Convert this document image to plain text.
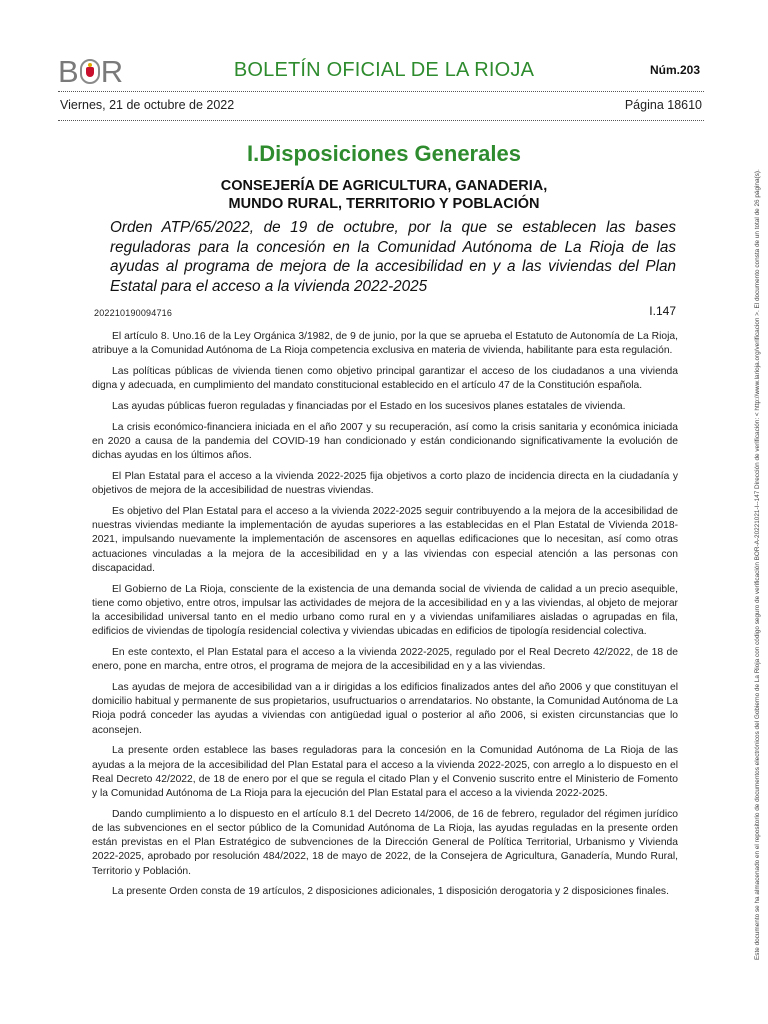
B R	BOLETÍN OFICIAL DE LA RIOJA	Núm.203
Viernes, 21 de octubre de 2022	Página 18610
I.Disposiciones Generales
CONSEJERÍA DE AGRICULTURA, GANADERIA,
MUNDO RURAL, TERRITORIO Y POBLACIÓN
Orden ATP/65/2022, de 19 de octubre, por la que se establecen las bases reguladoras para la concesión en la Comunidad Autónoma de La Rioja de las ayudas al programa de mejora de la accesibilidad en y a las viviendas del Plan Estatal para el acceso a la vivienda 2022-2025
202210190094716	I.147

El artículo 8. Uno.16 de la Ley Orgánica 3/1982, de 9 de junio, por la que se aprueba el Estatuto de Autonomía de La Rioja, atribuye a la Comunidad Autónoma de La Rioja competencia exclusiva en materia de vivienda, habilitante para esta regulación.

Las políticas públicas de vivienda tienen como objetivo principal garantizar el acceso de los ciudadanos a una vivienda digna y adecuada, en cumplimiento del mandato constitucional establecido en el artículo 47 de la Constitución española.

Las ayudas públicas fueron reguladas y financiadas por el Estado en los sucesivos planes estatales de vivienda.

La crisis económico-financiera iniciada en el año 2007 y su recuperación, así como la crisis sanitaria y económica iniciada en 2020 a causa de la pandemia del COVID-19 han condicionado y están condicionando significativamente la evolución de dichas ayudas en los últimos años.

El Plan Estatal para el acceso a la vivienda 2022-2025 fija objetivos a corto plazo de incidencia directa en la ciudadanía y objetivos de mejora de la accesibilidad de nuestras viviendas.

Es objetivo del Plan Estatal para el acceso a la vivienda 2022-2025 seguir contribuyendo a la mejora de la accesibilidad de nuestras viviendas mediante la implementación de ayudas superiores a las establecidas en el Plan Estatal de Vivienda 2018-2021, impulsando nuevamente la implementación de ascensores en aquellas edificaciones que lo necesitan, así como otras actuaciones vinculadas a la mejora de la accesibilidad en y a las viviendas con especial atención a las personas con discapacidad.

El Gobierno de La Rioja, consciente de la existencia de una demanda social de vivienda de calidad a un precio asequible, tiene como objetivo, entre otros, impulsar las actividades de mejora de la accesibilidad en y a las viviendas, al objeto de mejorar la accesibilidad universal tanto en el medio urbano como rural en y a viviendas unifamiliares aisladas o agrupadas en fila, edificios de viviendas de tipología residencial colectiva y viviendas ubicadas en edificios de tipología residencial colectiva.

En este contexto, el Plan Estatal para el acceso a la vivienda 2022-2025, regulado por el Real Decreto 42/2022, de 18 de enero, pone en marcha, entre otros, el programa de mejora de la accesibilidad en y a las viviendas.

Las ayudas de mejora de accesibilidad van a ir dirigidas a los edificios finalizados antes del año 2006 y que constituyan el domicilio habitual y permanente de sus propietarios, usufructuarios o arrendatarios. No obstante, la Comunidad Autónoma de La Rioja podrá conceder las ayudas a viviendas con antigüedad igual o posterior al año 2006, si existen circunstancias que lo aconsejen.

La presente orden establece las bases reguladoras para la concesión en la Comunidad Autónoma de La Rioja de las ayudas a la mejora de la accesibilidad del Plan Estatal para el acceso a la vivienda 2022-2025, con arreglo a lo dispuesto en el Real Decreto 42/2022, de 18 de enero por el que se regula el citado Plan y el Convenio suscrito entre el Ministerio de Fomento y la Comunidad Autónoma de La Rioja para la ejecución del Plan Estatal para el acceso a la vivienda 2022-2025.

Dando cumplimiento a lo dispuesto en el artículo 8.1 del Decreto 14/2006, de 16 de febrero, regulador del régimen jurídico de las subvenciones en el sector público de la Comunidad Autónoma de La Rioja, las ayudas reguladas en la presente orden están previstas en el Plan Estratégico de subvenciones de la Dirección General de Política Territorial, Urbanismo y Vivienda 2022-2025, aprobado por resolución 484/2022, 18 de mayo de 2022, de la Consejera de Agricultura, Ganadería, Mundo Rural, Territorio y Población.

La presente Orden consta de 19 artículos, 2 disposiciones adicionales, 1 disposición derogatoria y 2 disposiciones finales.	Este documento se ha almacenado en el repositorio de documentos electrónicos del Gobierno de La Rioja con código seguro de verificación BOR-A-20221021-I--147 Dirección de verificación: < http://www.larioja.org/verificacion >. El documento consta de un total de 26 página(s).
